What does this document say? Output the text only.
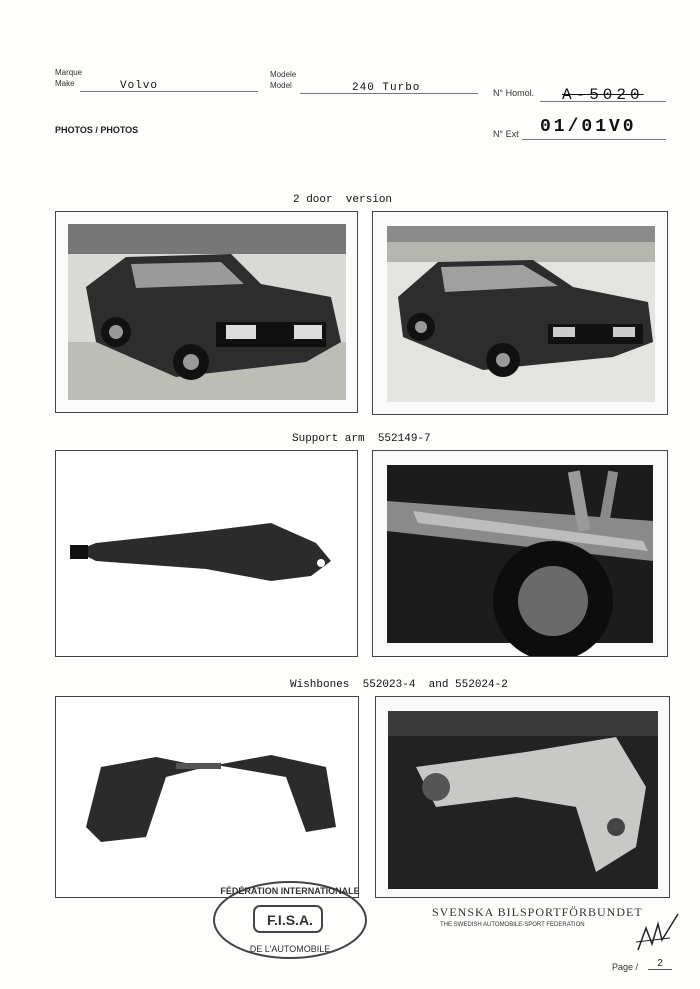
Marque
Make	Volvo
Modele
Model	240 Turbo	N° Homol. A-5020
PHOTOS / PHOTOS	N° Ext 01/01V0
2 door  version
Support arm  552149-7
Wishbones  552023-4  and 552024-2
F.I.S.A.
FÉDÉRATION INTERNATIONALE
DE L'AUTOMOBILE
SVENSKA BILSPORTFÖRBUNDET
THE SWEDISH AUTOMOBILE-SPORT FEDERATION
Page /	2
